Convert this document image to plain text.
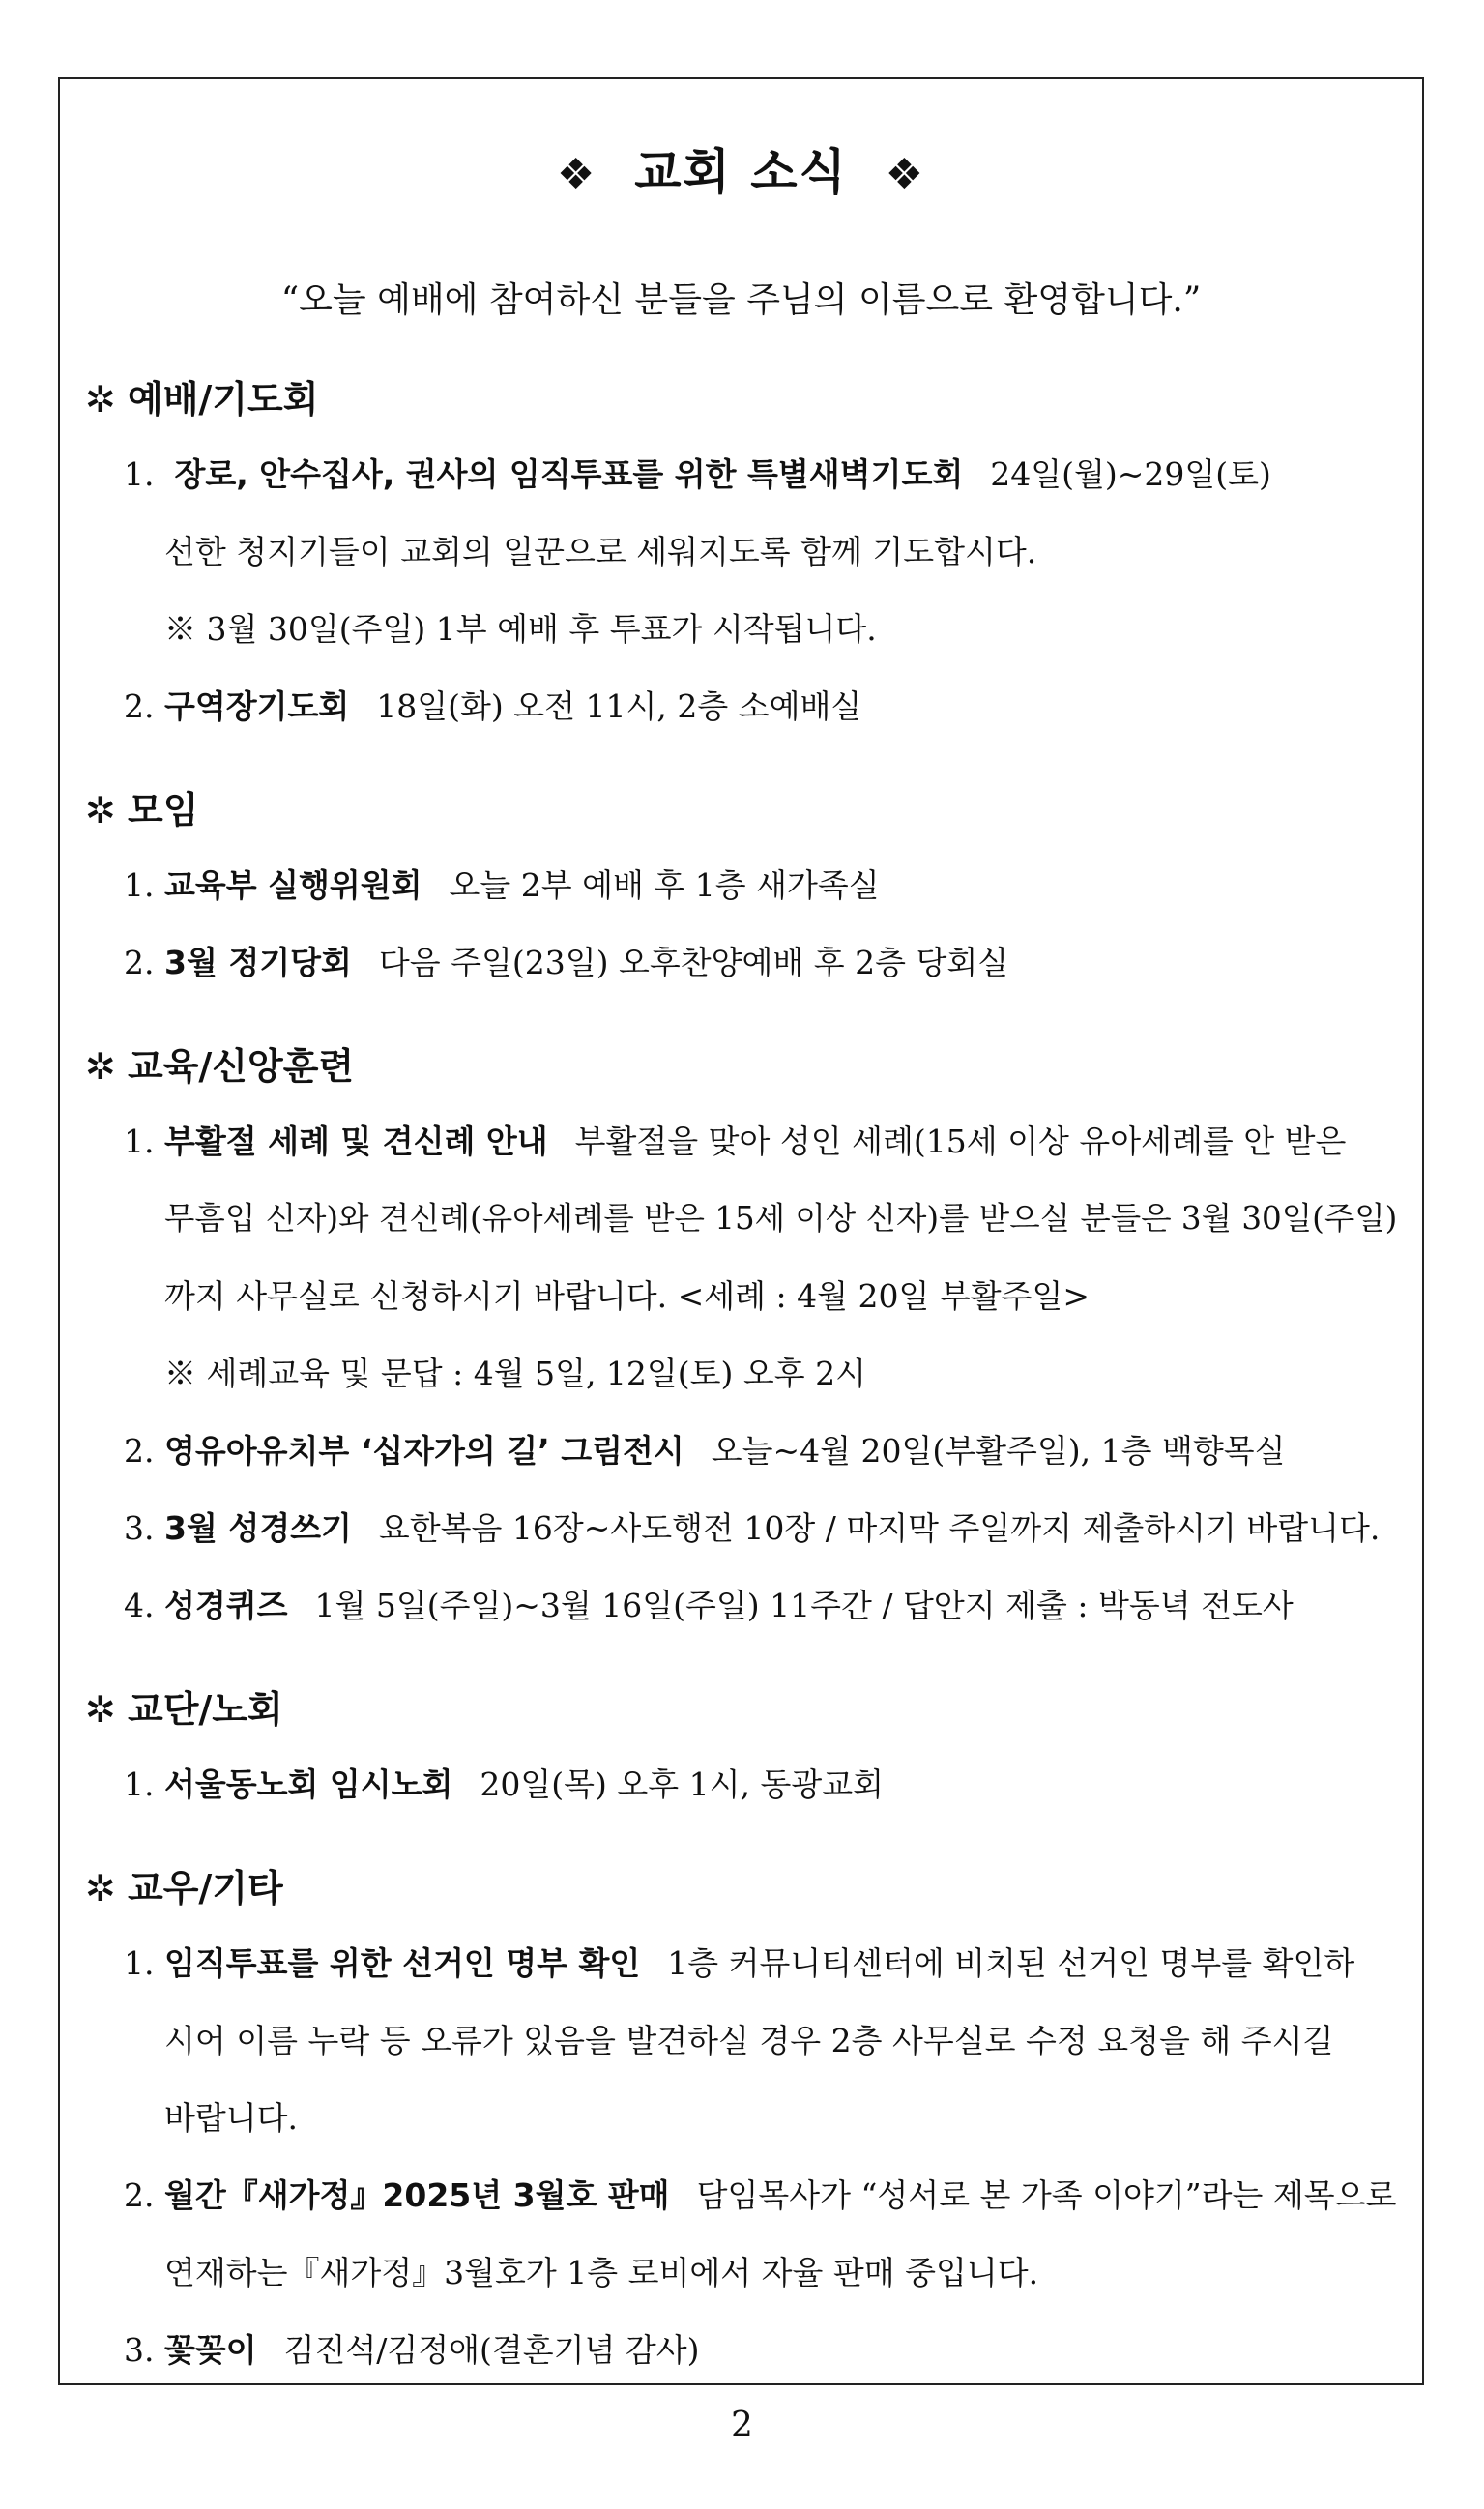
❖ 교회 소식 ❖
“오늘 예배에 참여하신 분들을 주님의 이름으로 환영합니다.”
✲ 예배/기도회
1. 장로, 안수집사, 권사의 임직투표를 위한 특별새벽기도회 24일(월)~29일(토)
선한 청지기들이 교회의 일꾼으로 세워지도록 함께 기도합시다.
※ 3월 30일(주일) 1부 예배 후 투표가 시작됩니다.
2. 구역장기도회 18일(화) 오전 11시, 2층 소예배실
✲ 모임
1. 교육부 실행위원회 오늘 2부 예배 후 1층 새가족실
2. 3월 정기당회 다음 주일(23일) 오후찬양예배 후 2층 당회실
✲ 교육/신앙훈련
1. 부활절 세례 및 견신례 안내 부활절을 맞아 성인 세례(15세 이상 유아세례를 안 받은
무흠입 신자)와 견신례(유아세례를 받은 15세 이상 신자)를 받으실 분들은 3월 30일(주일)
까지 사무실로 신청하시기 바랍니다. <세례 : 4월 20일 부활주일>
※ 세례교육 및 문답 : 4월 5일, 12일(토) 오후 2시
2. 영유아유치부 ‘십자가의 길’ 그림전시 오늘~4월 20일(부활주일), 1층 백향목실
3. 3월 성경쓰기 요한복음 16장~사도행전 10장 / 마지막 주일까지 제출하시기 바랍니다.
4. 성경퀴즈 1월 5일(주일)~3월 16일(주일) 11주간 / 답안지 제출 : 박동녁 전도사
✲ 교단/노회
1. 서울동노회 임시노회 20일(목) 오후 1시, 동광교회
✲ 교우/기타
1. 임직투표를 위한 선거인 명부 확인 1층 커뮤니티센터에 비치된 선거인 명부를 확인하
시어 이름 누락 등 오류가 있음을 발견하실 경우 2층 사무실로 수정 요청을 해 주시길
바랍니다.
2. 월간『새가정』2025년 3월호 판매 담임목사가 “성서로 본 가족 이야기”라는 제목으로
연재하는『새가정』3월호가 1층 로비에서 자율 판매 중입니다.
3. 꽃꽂이 김진석/김정애(결혼기념 감사)
2
